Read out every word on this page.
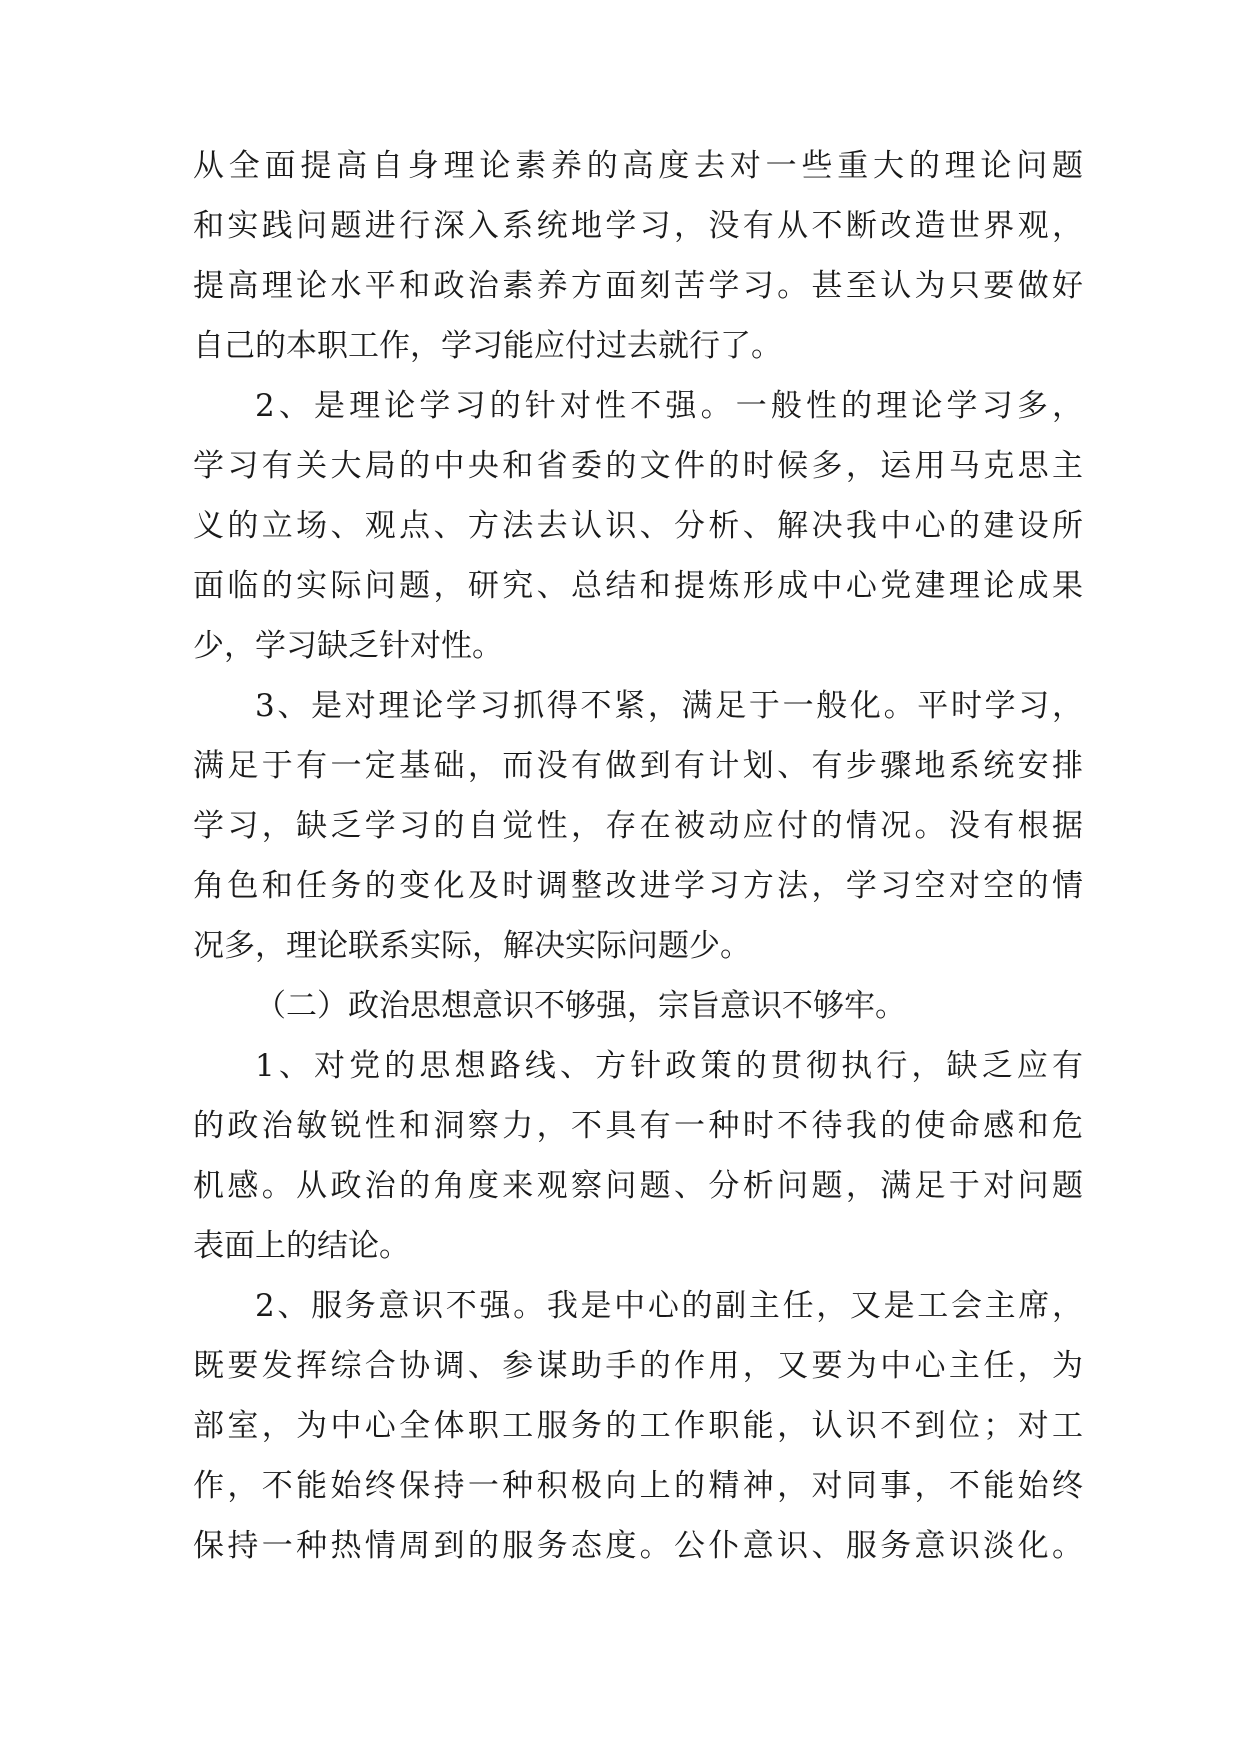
从全面提高自身理论素养的高度去对一些重大的理论问题
和实践问题进行深入系统地学习，没有从不断改造世界观，
提高理论水平和政治素养方面刻苦学习。甚至认为只要做好
自己的本职工作，学习能应付过去就行了。
2、是理论学习的针对性不强。一般性的理论学习多，
学习有关大局的中央和省委的文件的时候多，运用马克思主
义的立场、观点、方法去认识、分析、解决我中心的建设所
面临的实际问题，研究、总结和提炼形成中心党建理论成果
少，学习缺乏针对性。
3、是对理论学习抓得不紧，满足于一般化。平时学习，
满足于有一定基础，而没有做到有计划、有步骤地系统安排
学习，缺乏学习的自觉性，存在被动应付的情况。没有根据
角色和任务的变化及时调整改进学习方法，学习空对空的情
况多，理论联系实际，解决实际问题少。
（二）政治思想意识不够强，宗旨意识不够牢。
1、对党的思想路线、方针政策的贯彻执行，缺乏应有
的政治敏锐性和洞察力，不具有一种时不待我的使命感和危
机感。从政治的角度来观察问题、分析问题，满足于对问题
表面上的结论。
2、服务意识不强。我是中心的副主任，又是工会主席，
既要发挥综合协调、参谋助手的作用，又要为中心主任，为
部室，为中心全体职工服务的工作职能，认识不到位；对工
作，不能始终保持一种积极向上的精神，对同事，不能始终
保持一种热情周到的服务态度。公仆意识、服务意识淡化。
